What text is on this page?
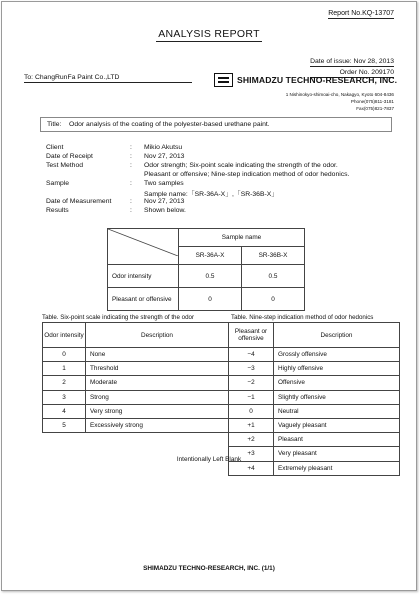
Report No.KQ-13707
ANALYSIS REPORT
Date of issue: Nov 28, 2013
Order No. 209170
To: ChangRunFa Paint Co.,LTD	SHIMADZU TECHNO-RESEARCH, INC.
1 Nishinokyo-shimoai-cho, Nakagyo, Kyoto 604-8436
Phone(075)811-3181
Fax(075)821-7837
Title: Odor analysis of the coating of the polyester-based urethane paint.
Client	:	Mikio Akutsu
Date of Receipt	:	Nov 27, 2013
Test Method	:	Odor strength; Six-point scale indicating the strength of the odor.
		Pleasant or offensive; Nine-step indication method of odor hedonics.
Sample	:	Two samples
		Sample name:「SR-36A-X」,「SR-36B-X」
Date of Measurement	:	Nov 27, 2013
Results	:	Shown below.
	Sample name	
	SR-36A-X	SR-36B-X
Odor intensity	0.5	0.5
Pleasant or offensive	0	0
Table. Six-point scale indicating the strength of the odor	Table. Nine-step indication method of odor hedonics
Odor intensity	Description
0	None
1	Threshold
2	Moderate
3	Strong
4	Very strong
5	Excessively strong
Pleasant or offensive	Description
−4	Grossly offensive
−3	Highly offensive
−2	Offensive
−1	Slightly offensive
0	Neutral
+1	Vaguely pleasant
+2	Pleasant
+3	Very pleasant
+4	Extremely pleasant
Intentionally Left Blank
SHIMADZU TECHNO-RESEARCH, INC. (1/1)
